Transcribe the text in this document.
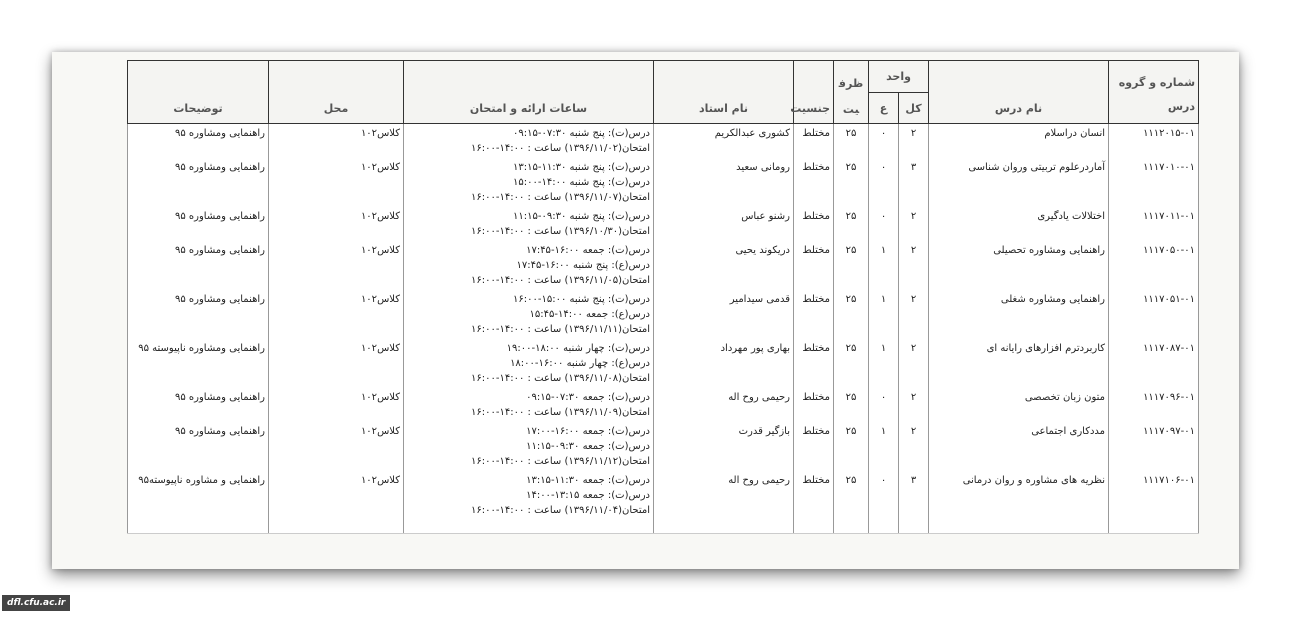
شماره و گروه درس	نام درس	واحد		ظرفیت	جنسیت	نام استاد	ساعات ارائه و امتحان	محل	توضیحات
		کل	ع						
۱۱۱۲۰۱۵-۰۱	انسان دراسلام	۲	۰	۲۵	مختلط	کشوری عبدالکریم	درس(ت): پنج شنبه ۰۷:۳۰-۰۹:۱۵
امتحان(۱۳۹۶/۱۱/۰۲) ساعت : ۱۴:۰۰-۱۶:۰۰	کلاس۱۰۲	راهنمایی ومشاوره ۹۵
۱۱۱۷۰۱۰-۰۱	آماردرعلوم تربیتی وروان شناسی	۳	۰	۲۵	مختلط	رومانی سعید	درس(ت): پنج شنبه ۱۱:۳۰-۱۳:۱۵
درس(ت): پنج شنبه ۱۴:۰۰-۱۵:۰۰
امتحان(۱۳۹۶/۱۱/۰۷) ساعت : ۱۴:۰۰-۱۶:۰۰	کلاس۱۰۲	راهنمایی ومشاوره ۹۵
۱۱۱۷۰۱۱-۰۱	اختلالات یادگیری	۲	۰	۲۵	مختلط	رشنو عباس	درس(ت): پنج شنبه ۰۹:۳۰-۱۱:۱۵
امتحان(۱۳۹۶/۱۰/۳۰) ساعت : ۱۴:۰۰-۱۶:۰۰	کلاس۱۰۲	راهنمایی ومشاوره ۹۵
۱۱۱۷۰۵۰-۰۱	راهنمایی ومشاوره تحصیلی	۲	۱	۲۵	مختلط	دریکوند یحیی	درس(ت): جمعه ۱۶:۰۰-۱۷:۴۵
درس(ع): پنج شنبه ۱۶:۰۰-۱۷:۴۵
امتحان(۱۳۹۶/۱۱/۰۵) ساعت : ۱۴:۰۰-۱۶:۰۰	کلاس۱۰۲	راهنمایی ومشاوره ۹۵
۱۱۱۷۰۵۱-۰۱	راهنمایی ومشاوره شغلی	۲	۱	۲۵	مختلط	قدمی سیدامیر	درس(ت): پنج شنبه ۱۵:۰۰-۱۶:۰۰
درس(ع): جمعه ۱۴:۰۰-۱۵:۴۵
امتحان(۱۳۹۶/۱۱/۱۱) ساعت : ۱۴:۰۰-۱۶:۰۰	کلاس۱۰۲	راهنمایی ومشاوره ۹۵
۱۱۱۷۰۸۷-۰۱	کاربردترم افزارهای رایانه ای	۲	۱	۲۵	مختلط	بهاری پور مهرداد	درس(ت): چهار شنبه ۱۸:۰۰-۱۹:۰۰
درس(ع): چهار شنبه ۱۶:۰۰-۱۸:۰۰
امتحان(۱۳۹۶/۱۱/۰۸) ساعت : ۱۴:۰۰-۱۶:۰۰	کلاس۱۰۲	راهنمایی ومشاوره ناپیوسته ۹۵
۱۱۱۷۰۹۶-۰۱	متون زبان تخصصی	۲	۰	۲۵	مختلط	رحیمی روح اله	درس(ت): جمعه ۰۷:۳۰-۰۹:۱۵
امتحان(۱۳۹۶/۱۱/۰۹) ساعت : ۱۴:۰۰-۱۶:۰۰	کلاس۱۰۲	راهنمایی ومشاوره ۹۵
۱۱۱۷۰۹۷-۰۱	مددکاری اجتماعی	۲	۱	۲۵	مختلط	بازگیر قدرت	درس(ت): جمعه ۱۶:۰۰-۱۷:۰۰
درس(ت): جمعه ۰۹:۳۰-۱۱:۱۵
امتحان(۱۳۹۶/۱۱/۱۲) ساعت : ۱۴:۰۰-۱۶:۰۰	کلاس۱۰۲	راهنمایی ومشاوره ۹۵
۱۱۱۷۱۰۶-۰۱	نظریه های مشاوره و روان درمانی	۳	۰	۲۵	مختلط	رحیمی روح اله	درس(ت): جمعه ۱۱:۳۰-۱۳:۱۵
درس(ت): جمعه ۱۳:۱۵-۱۴:۰۰
امتحان(۱۳۹۶/۱۱/۰۴) ساعت : ۱۴:۰۰-۱۶:۰۰	کلاس۱۰۲	راهنمایی و مشاوره ناپیوسته۹۵
dfl.cfu.ac.ir
